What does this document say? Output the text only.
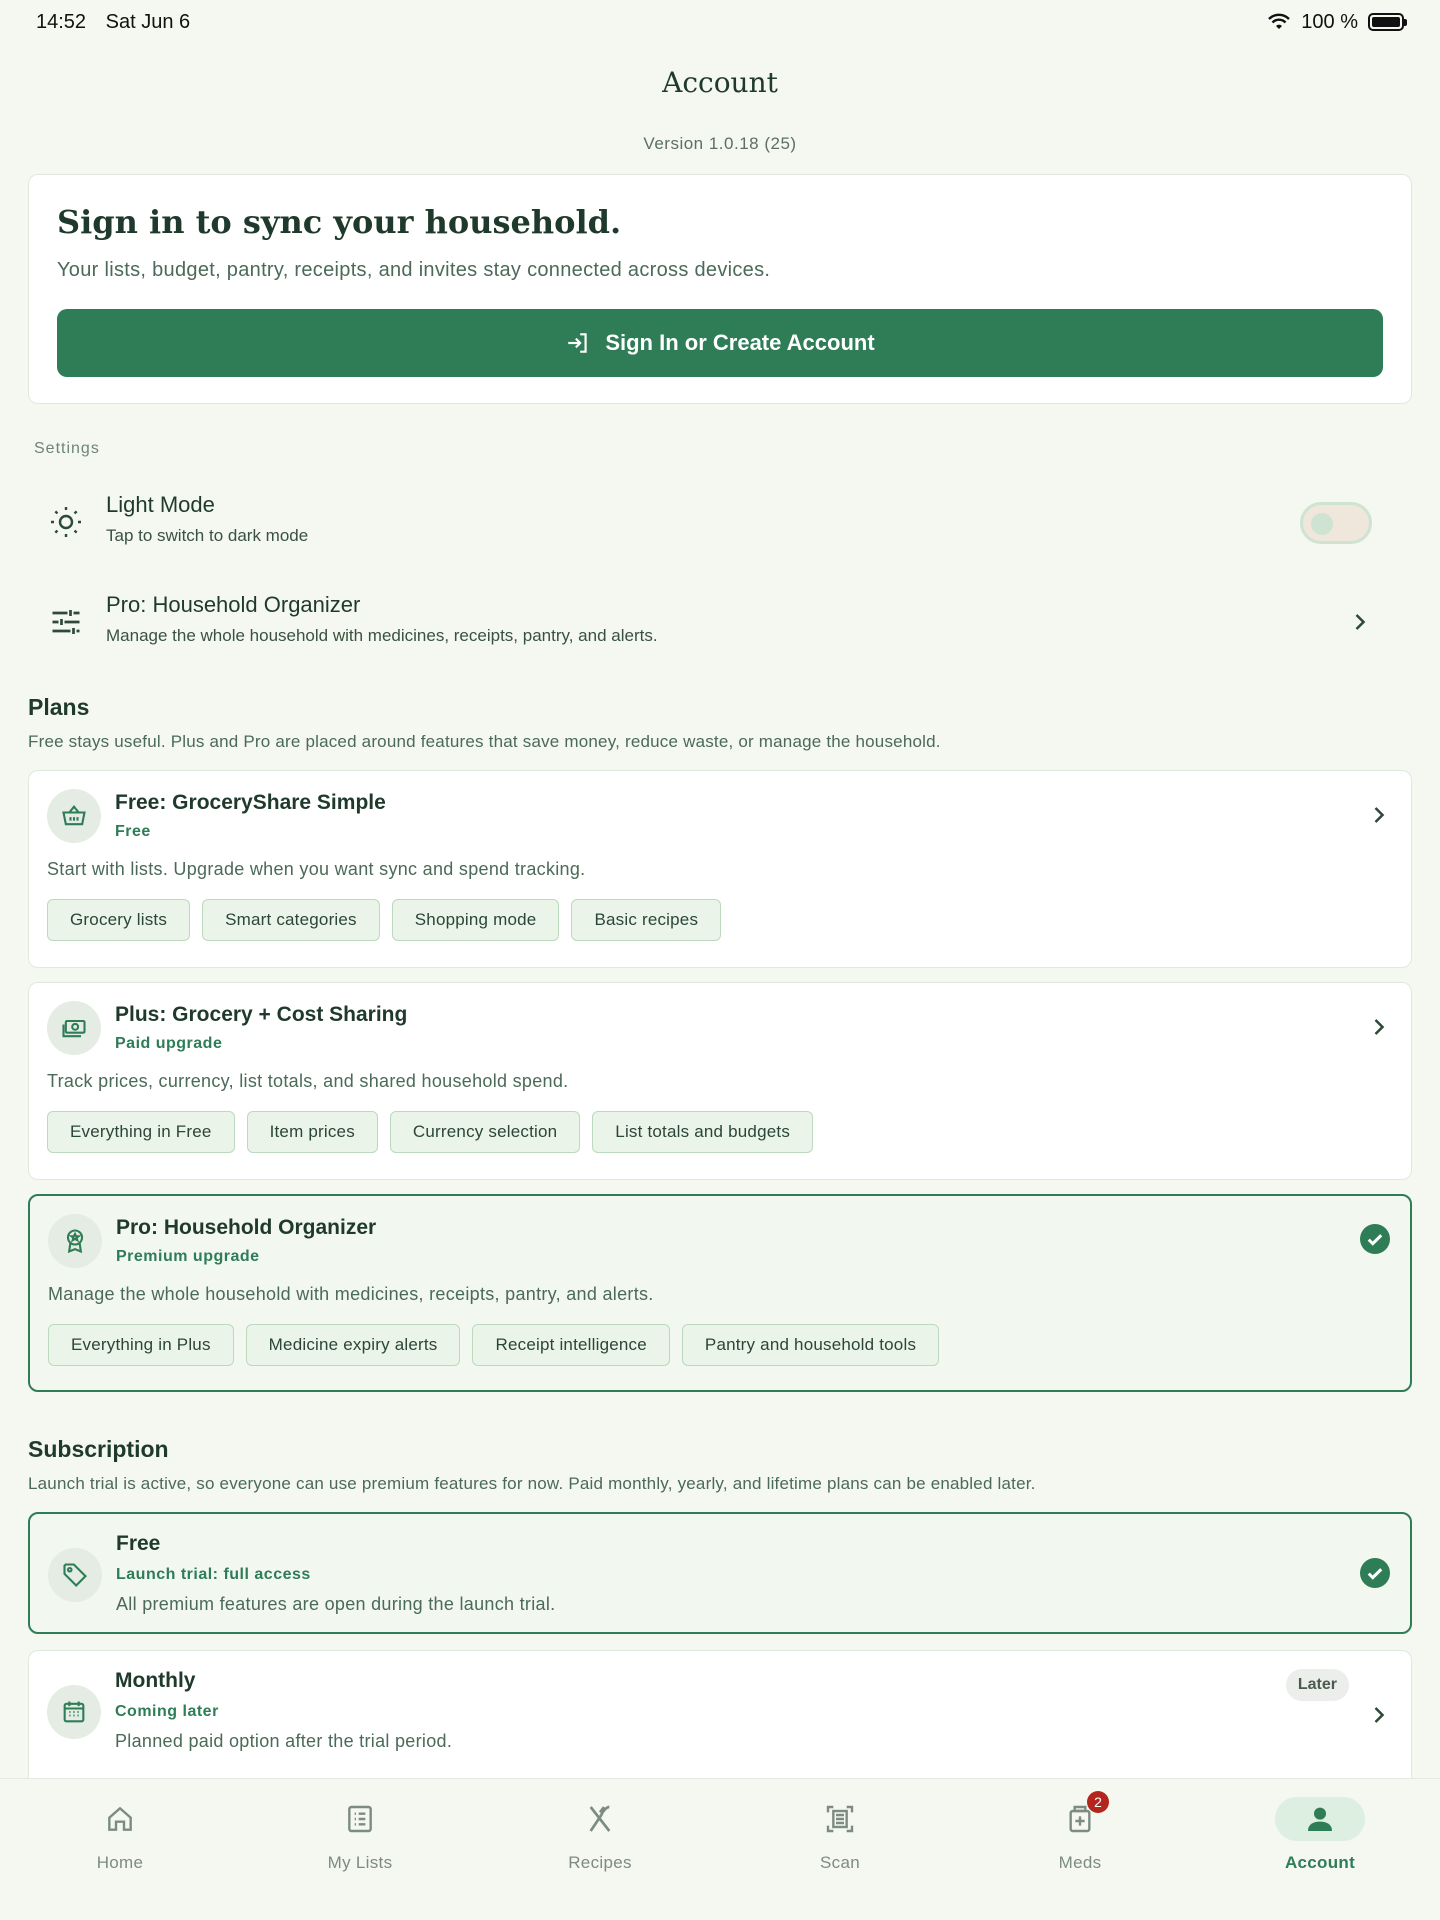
14:52 Sat Jun 6	100 %
Account
Version 1.0.18 (25)
Sign in to sync your household.
Your lists, budget, pantry, receipts, and invites stay connected across devices.
Sign In or Create Account
Settings
Light Mode
Tap to switch to dark mode
Pro: Household Organizer
Manage the whole household with medicines, receipts, pantry, and alerts.
Plans
Free stays useful. Plus and Pro are placed around features that save money, reduce waste, or manage the household.
Free: GroceryShare Simple
Free
Start with lists. Upgrade when you want sync and spend tracking.
Grocery lists	Smart categories	Shopping mode	Basic recipes
Plus: Grocery + Cost Sharing
Paid upgrade
Track prices, currency, list totals, and shared household spend.
Everything in Free	Item prices	Currency selection	List totals and budgets
Pro: Household Organizer
Premium upgrade
Manage the whole household with medicines, receipts, pantry, and alerts.
Everything in Plus	Medicine expiry alerts	Receipt intelligence	Pantry and household tools
Subscription
Launch trial is active, so everyone can use premium features for now. Paid monthly, yearly, and lifetime plans can be enabled later.
Free
Launch trial: full access
All premium features are open during the launch trial.
Monthly
Coming later
Planned paid option after the trial period.
Later
Home	My Lists	Recipes	Scan
2
Meds	Account
